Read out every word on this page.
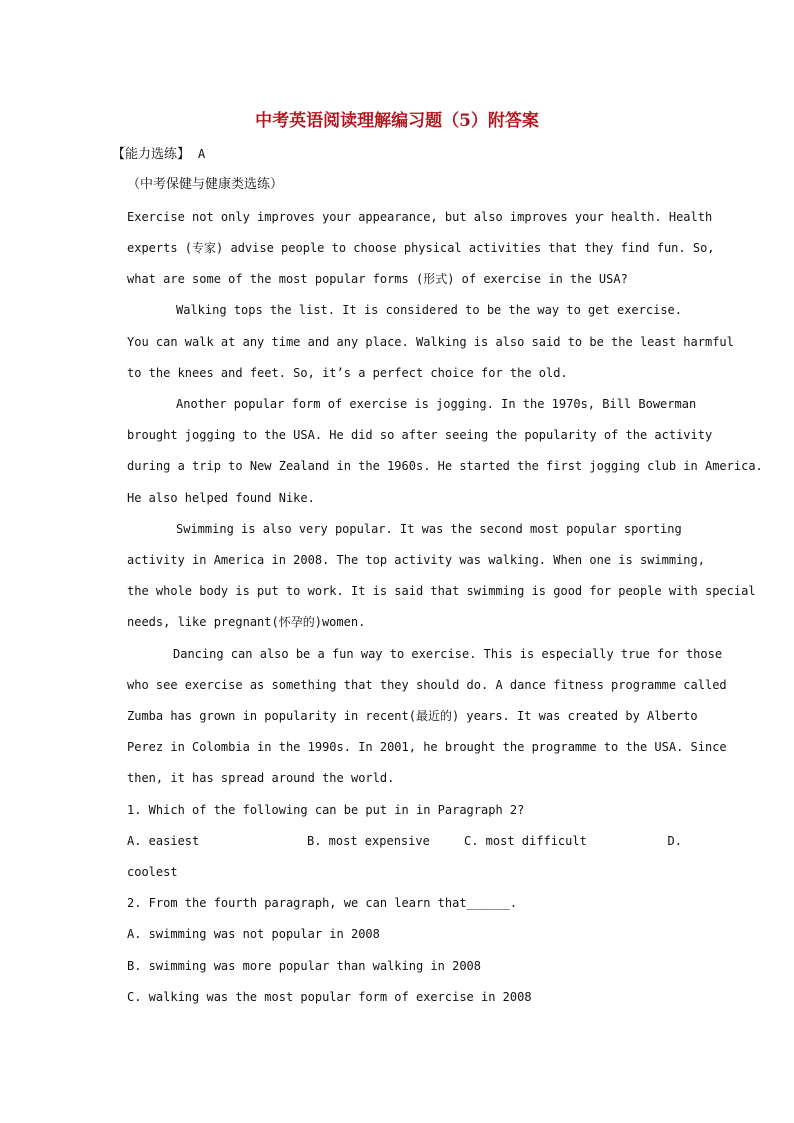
中考英语阅读理解编习题（5）附答案
【能力选练】 A
（中考保健与健康类选练）
Exercise not only improves your appearance, but also improves your health. Health
experts (专家) advise people to choose physical activities that they find fun. So,
what are some of the most popular forms (形式) of exercise in the USA?
Walking tops the list. It is considered to be the way to get exercise.
You can walk at any time and any place. Walking is also said to be the least harmful
to the knees and feet. So, it’s a perfect choice for the old.
Another popular form of exercise is jogging. In the 1970s, Bill Bowerman
brought jogging to the USA. He did so after seeing the popularity of the activity
during a trip to New Zealand in the 1960s. He started the first jogging club in America.
He also helped found Nike.
Swimming is also very popular. It was the second most popular sporting
activity in America in 2008. The top activity was walking. When one is swimming,
the whole body is put to work. It is said that swimming is good for people with special
needs, like pregnant(怀孕的)women.
Dancing can also be a fun way to exercise. This is especially true for those
who see exercise as something that they should do. A dance fitness programme called
Zumba has grown in popularity in recent(最近的) years. It was created by Alberto
Perez in Colombia in the 1990s. In 2001, he brought the programme to the USA. Since
then, it has spread around the world.
1. Which of the following can be put in in Paragraph 2?
A. easiest	B. most expensive	C. most difficult	D.
coolest
2. From the fourth paragraph, we can learn that______.
A. swimming was not popular in 2008
B. swimming was more popular than walking in 2008
C. walking was the most popular form of exercise in 2008
